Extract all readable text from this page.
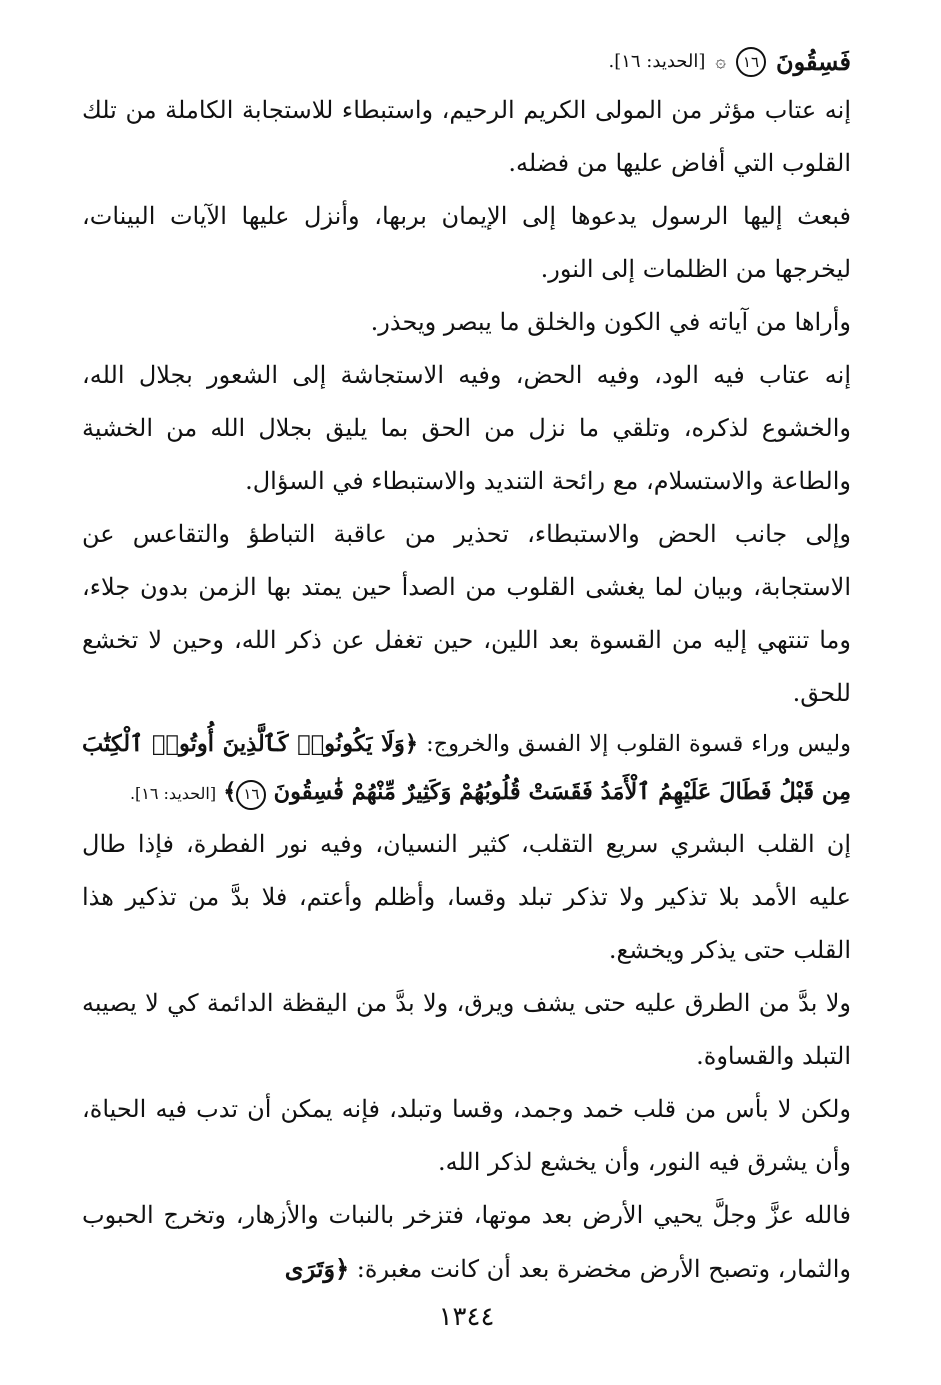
فَسِقُونَ
١٦
۞
[الحديد: ١٦].

إنه عتاب مؤثر من المولى الكريم الرحيم، واستبطاء للاستجابة الكاملة من تلك القلوب التي أفاض عليها من فضله.

فبعث إليها الرسول يدعوها إلى الإيمان بربها، وأنزل عليها الآيات البينات، ليخرجها من الظلمات إلى النور.

وأراها من آياته في الكون والخلق ما يبصر ويحذر.

إنه عتاب فيه الود، وفيه الحض، وفيه الاستجاشة إلى الشعور بجلال الله، والخشوع لذكره، وتلقي ما نزل من الحق بما يليق بجلال الله من الخشية والطاعة والاستسلام، مع رائحة التنديد والاستبطاء في السؤال.

وإلى جانب الحض والاستبطاء، تحذير من عاقبة التباطؤ والتقاعس عن الاستجابة، وبيان لما يغشى القلوب من الصدأ حين يمتد بها الزمن بدون جلاء، وما تنتهي إليه من القسوة بعد اللين، حين تغفل عن ذكر الله، وحين لا تخشع للحق.

وليس وراء قسوة القلوب إلا الفسق والخروج: ﴿وَلَا يَكُونُوا۟ كَٱلَّذِينَ أُوتُوا۟ ٱلْكِتَٰبَ مِن قَبْلُ فَطَالَ عَلَيْهِمُ ٱلْأَمَدُ فَقَسَتْ قُلُوبُهُمْ وَكَثِيرٌ مِّنْهُمْ فَٰسِقُونَ ١٦﴾ [الحديد: ١٦].

إن القلب البشري سريع التقلب، كثير النسيان، وفيه نور الفطرة، فإذا طال عليه الأمد بلا تذكير ولا تذكر تبلد وقسا، وأظلم وأعتم، فلا بدَّ من تذكير هذا القلب حتى يذكر ويخشع.

ولا بدَّ من الطرق عليه حتى يشف ويرق، ولا بدَّ من اليقظة الدائمة كي لا يصيبه التبلد والقساوة.

ولكن لا بأس من قلب خمد وجمد، وقسا وتبلد، فإنه يمكن أن تدب فيه الحياة، وأن يشرق فيه النور، وأن يخشع لذكر الله.

فالله عزَّ وجلَّ يحيي الأرض بعد موتها، فتزخر بالنبات والأزهار، وتخرج الحبوب والثمار، وتصبح الأرض مخضرة بعد أن كانت مغبرة: ﴿وَتَرَى

١٣٤٤
